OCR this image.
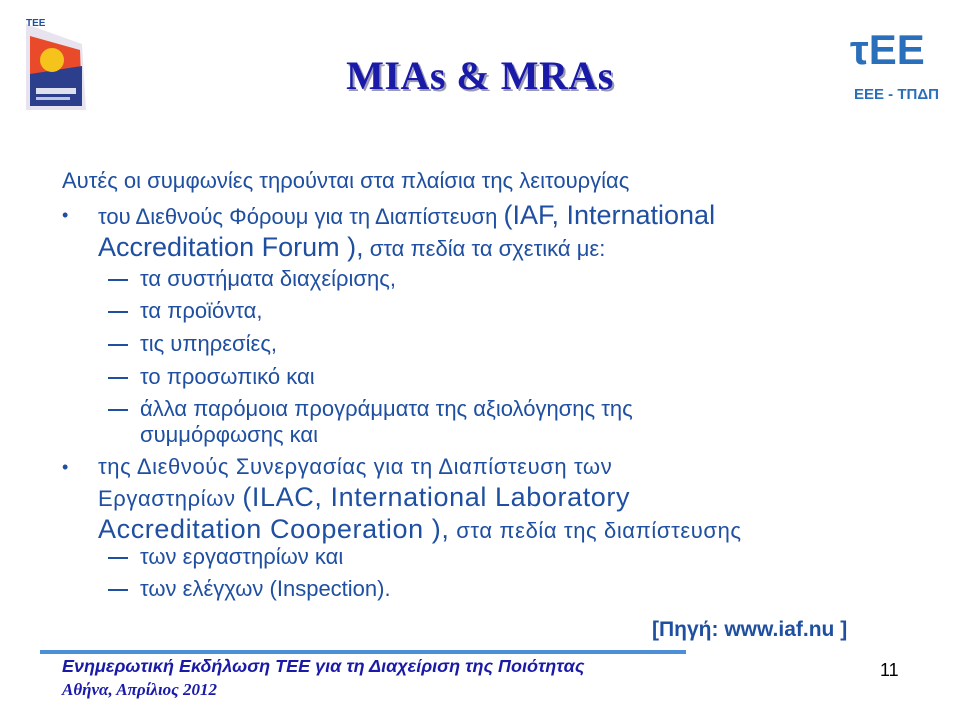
TEE
τEE
ΕΕΕ - ΤΠΔΠ
MIAs & MRAs
Αυτές οι συμφωνίες τηρούνται στα πλαίσια της λειτουργίας
• του Διεθνούς Φόρουμ για τη Διαπίστευση (IAF, International
Accreditation Forum ), στα πεδία τα σχετικά με:
τα συστήματα διαχείρισης,
τα προϊόντα,
τις υπηρεσίες,
το προσωπικό και
άλλα παρόμοια προγράμματα της αξιολόγησης της
συμμόρφωσης και
• της Διεθνούς Συνεργασίας για τη Διαπίστευση των
Εργαστηρίων (ILAC, International Laboratory
Accreditation Cooperation ), στα πεδία της διαπίστευσης
των εργαστηρίων και
των ελέγχων (Inspection).
[Πηγή: www.iaf.nu ]
Ενημερωτική Εκδήλωση ΤΕΕ για τη Διαχείριση της Ποιότητας
Αθήνα, Απρίλιος 2012
11
